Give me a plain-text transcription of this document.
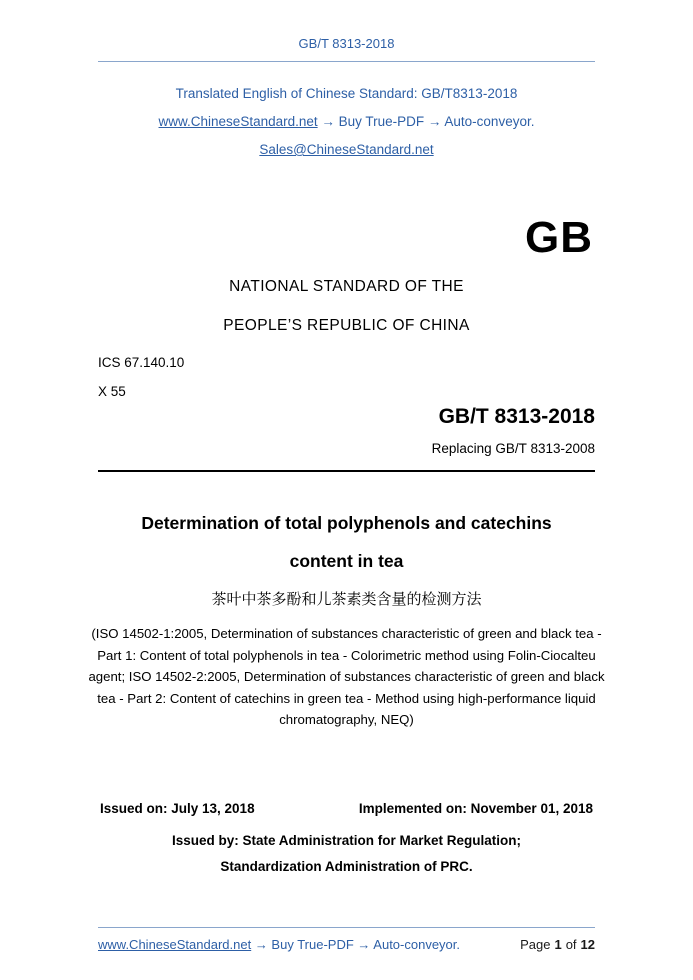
GB/T 8313-2018
Translated English of Chinese Standard: GB/T8313-2018
www.ChineseStandard.net → Buy True-PDF → Auto-conveyor.
Sales@ChineseStandard.net
GB
NATIONAL STANDARD OF THE
PEOPLE’S REPUBLIC OF CHINA
ICS 67.140.10
X 55
GB/T 8313-2018
Replacing GB/T 8313-2008
Determination of total polyphenols and catechins
content in tea
茶叶中茶多酚和儿茶素类含量的检测方法
(ISO 14502-1:2005, Determination of substances characteristic of green and black tea - Part 1: Content of total polyphenols in tea - Colorimetric method using Folin-Ciocalteu agent; ISO 14502-2:2005, Determination of substances characteristic of green and black tea - Part 2: Content of catechins in green tea - Method using high-performance liquid chromatography, NEQ)
Issued on: July 13, 2018	Implemented on: November 01, 2018
Issued by: State Administration for Market Regulation;
Standardization Administration of PRC.
www.ChineseStandard.net → Buy True-PDF → Auto-conveyor.	Page 1 of 12
